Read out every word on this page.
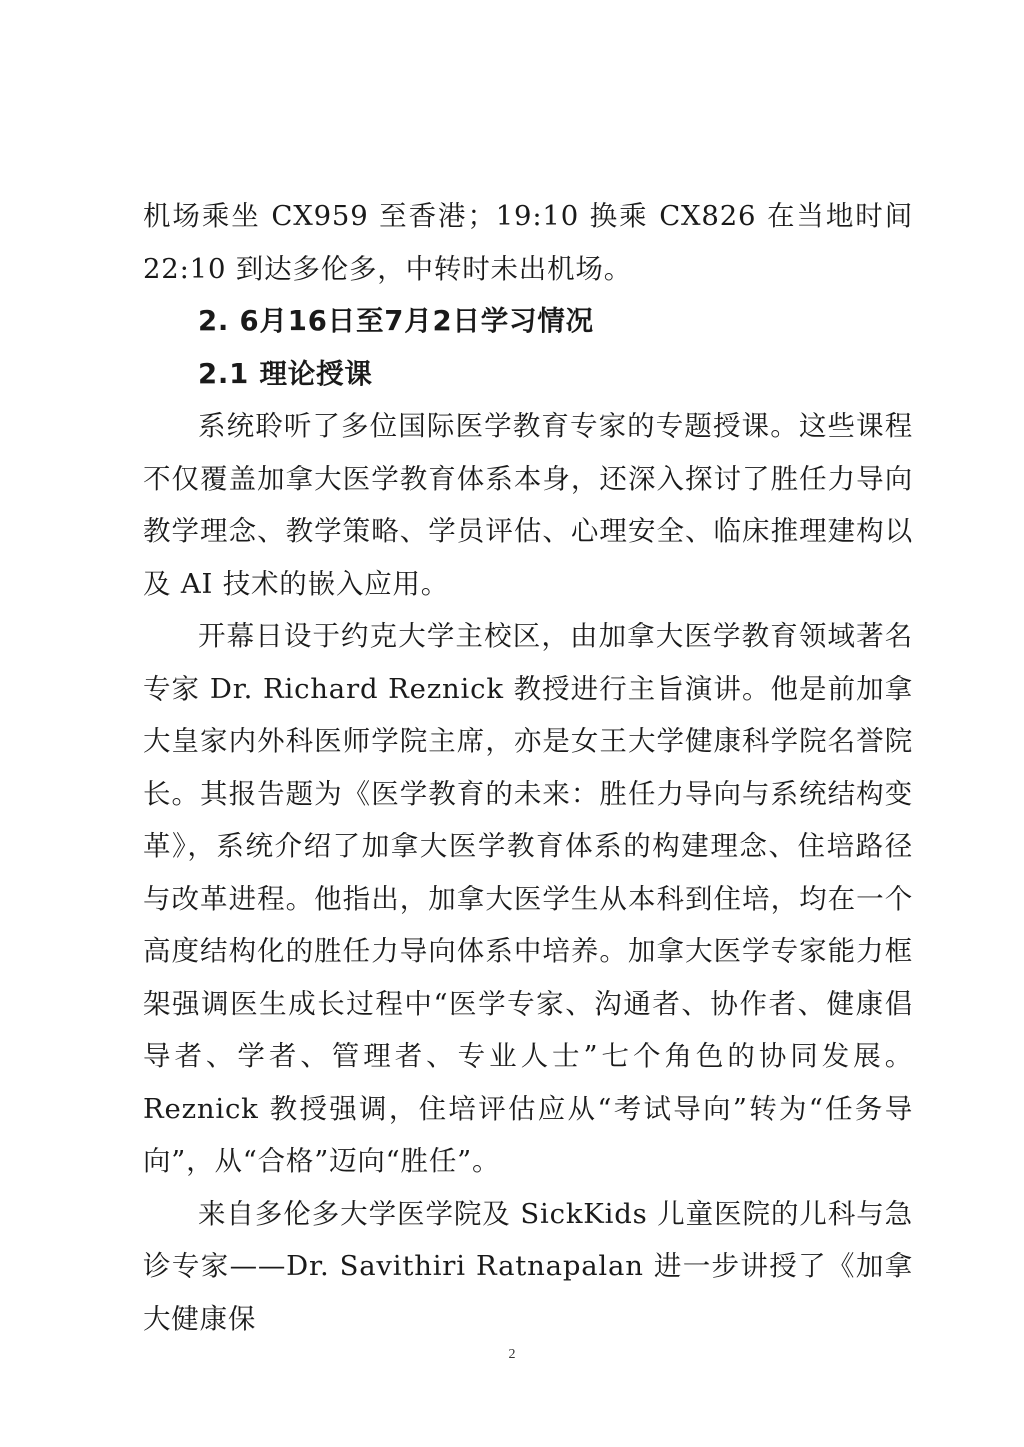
机场乘坐 CX959 至香港；19:10 换乘 CX826 在当地时间 22:10 到达多伦多，中转时未出机场。

2. 6月16日至7月2日学习情况

2.1 理论授课

系统聆听了多位国际医学教育专家的专题授课。这些课程不仅覆盖加拿大医学教育体系本身，还深入探讨了胜任力导向教学理念、教学策略、学员评估、心理安全、临床推理建构以及 AI 技术的嵌入应用。

开幕日设于约克大学主校区，由加拿大医学教育领域著名专家 Dr. Richard Reznick 教授进行主旨演讲。他是前加拿大皇家内外科医师学院主席，亦是女王大学健康科学院名誉院长。其报告题为《医学教育的未来：胜任力导向与系统结构变革》，系统介绍了加拿大医学教育体系的构建理念、住培路径与改革进程。他指出，加拿大医学生从本科到住培，均在一个高度结构化的胜任力导向体系中培养。加拿大医学专家能力框架强调医生成长过程中“医学专家、沟通者、协作者、健康倡导者、学者、管理者、专业人士”七个角色的协同发展。Reznick 教授强调，住培评估应从“考试导向”转为“任务导向”，从“合格”迈向“胜任”。

来自多伦多大学医学院及 SickKids 儿童医院的儿科与急诊专家——Dr. Savithiri Ratnapalan 进一步讲授了《加拿大健康保

2
